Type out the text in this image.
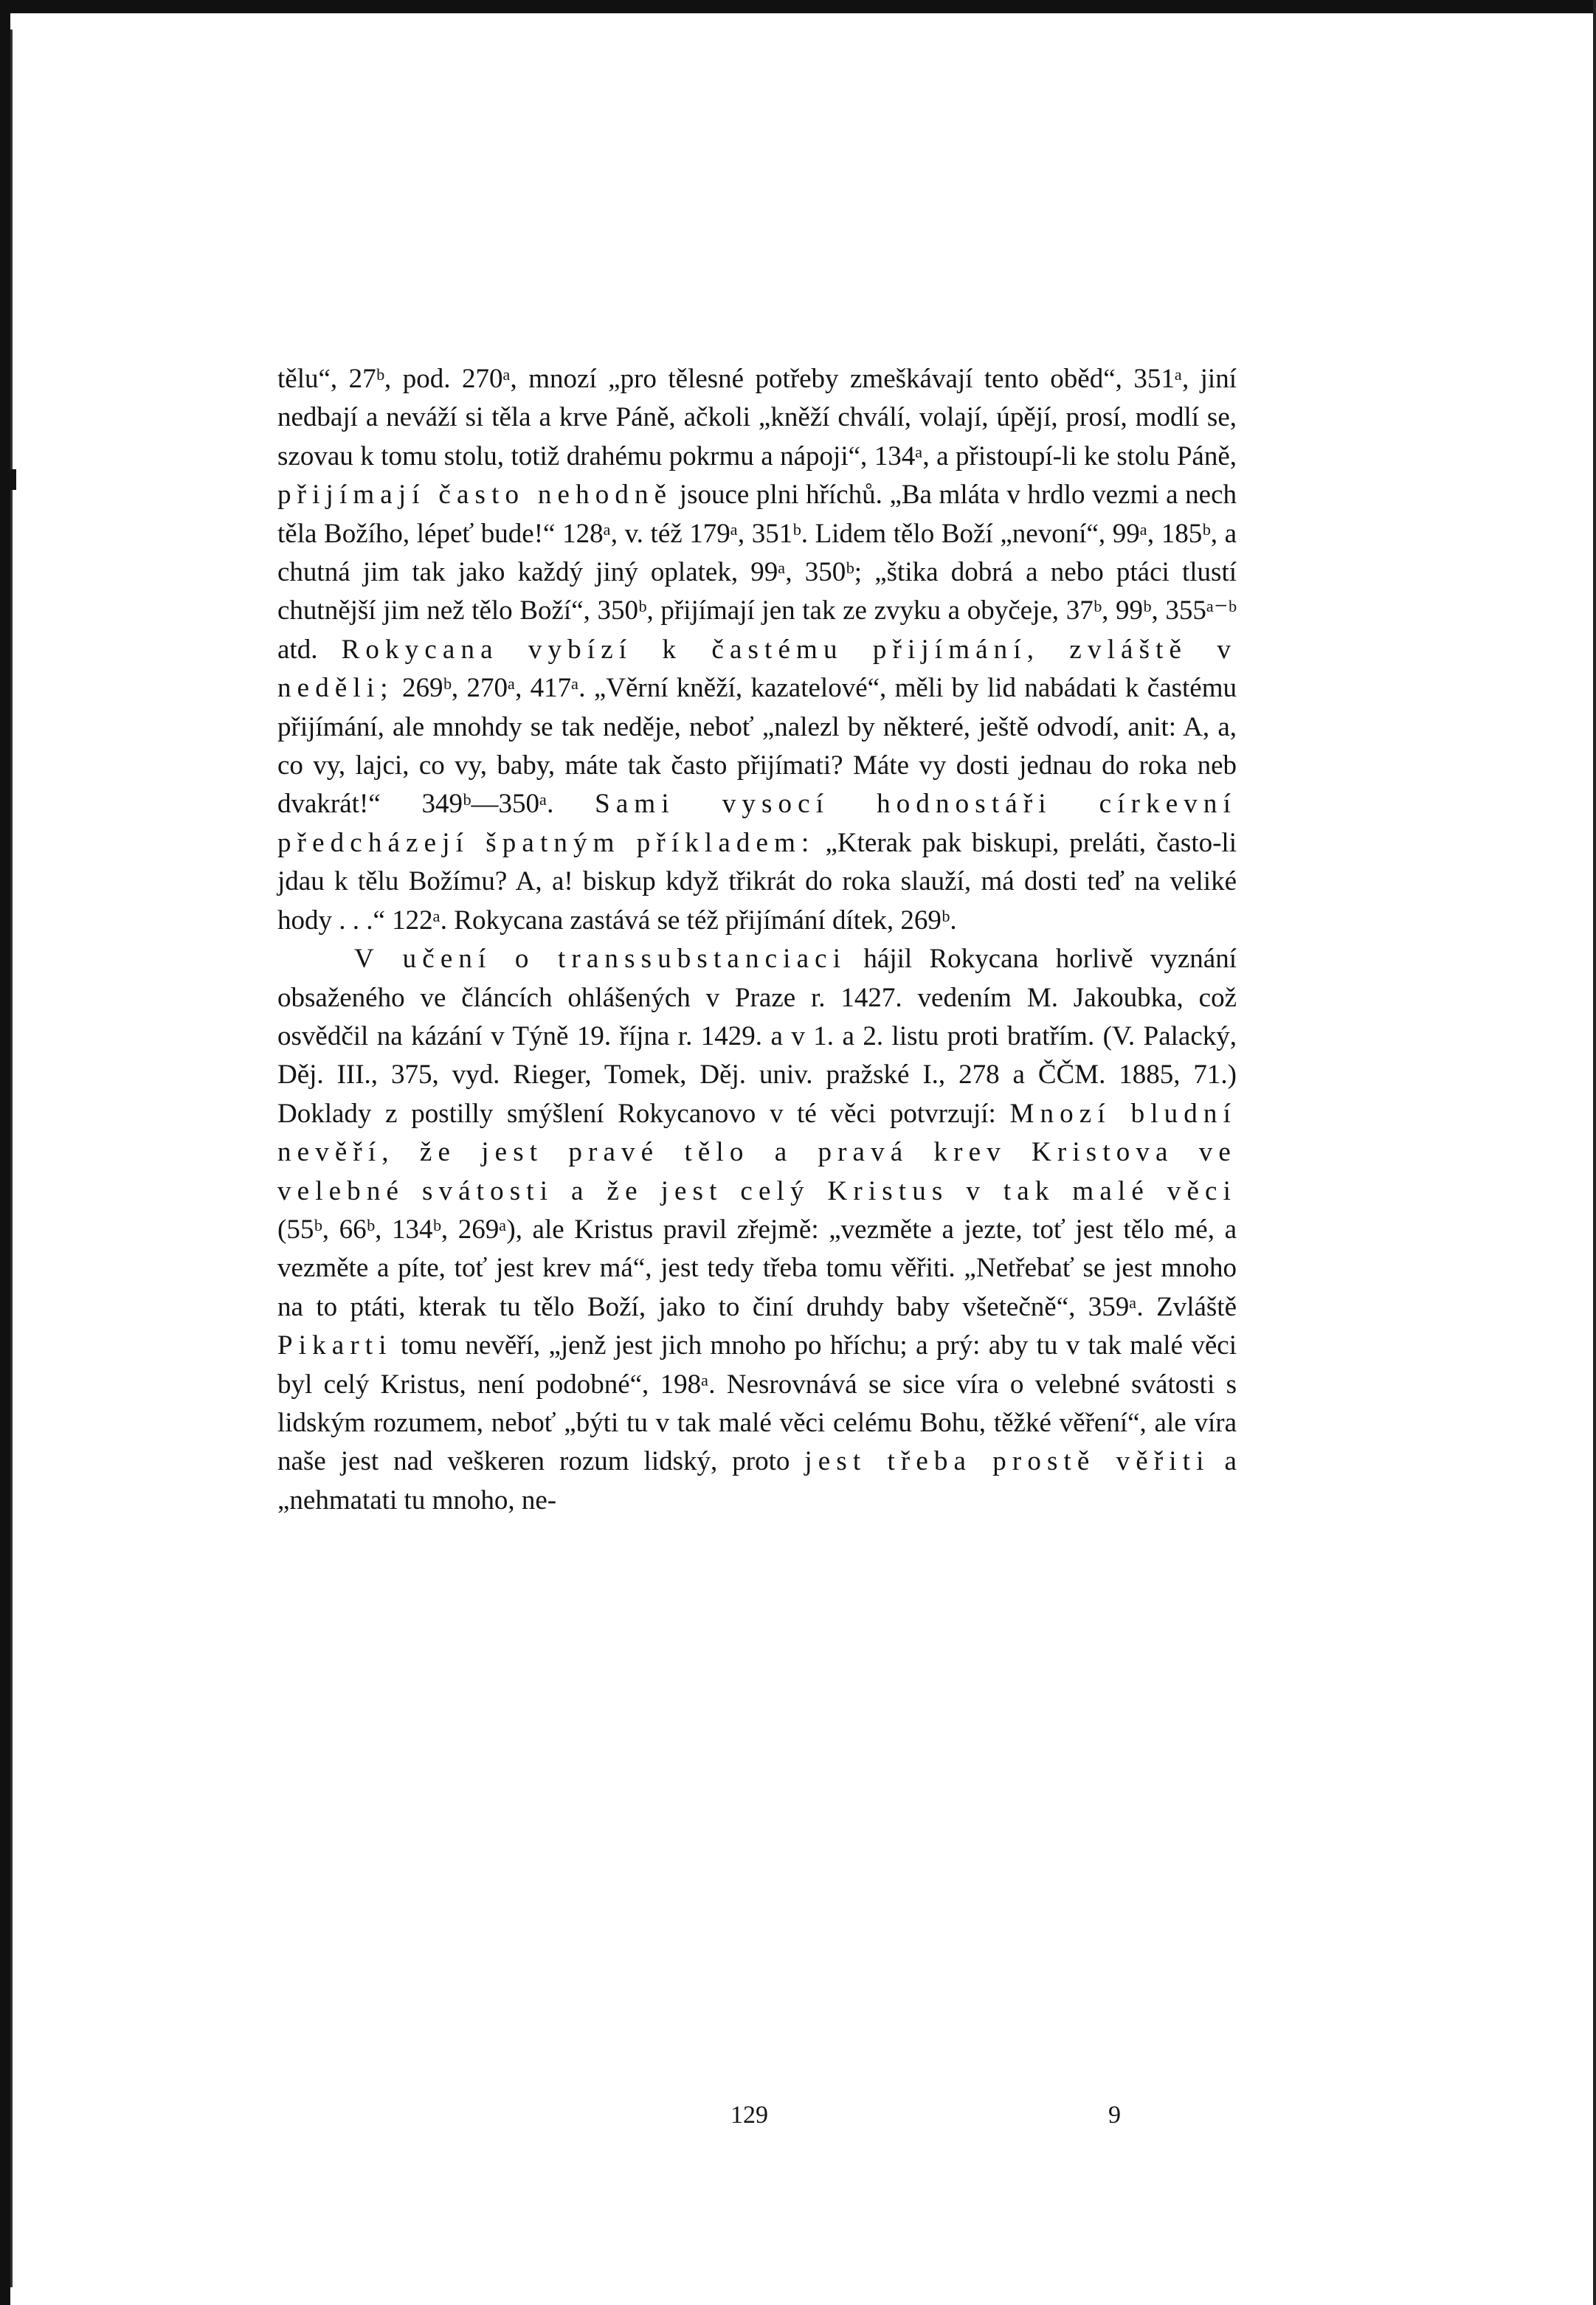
tělu“, 27ᵇ, pod. 270ᵃ, mnozí „pro tělesné potřeby zmeškávají tento oběd“, 351ᵃ, jiní nedbají a neváží si těla a krve Páně, ačkoli „kněží chválí, volají, úpějí, prosí, modlí se, szovau k tomu stolu, totiž drahému pokrmu a nápoji“, 134ᵃ, a přistoupí-li ke stolu Páně, přijímají často nehodně jsouce plni hříchů. „Ba mláta v hrdlo vezmi a nech těla Božího, lépeť bude!“ 128ᵃ, v. též 179ᵃ, 351ᵇ. Lidem tělo Boží „nevoní“, 99ᵃ, 185ᵇ, a chutná jim tak jako každý jiný oplatek, 99ᵃ, 350ᵇ; „štika dobrá a nebo ptáci tlustí chutnější jim než tělo Boží“, 350ᵇ, přijímají jen tak ze zvyku a obyčeje, 37ᵇ, 99ᵇ, 355ᵃ⁻ᵇ atd. Rokycana vybízí k častému přijímání, zvláště v neděli; 269ᵇ, 270ᵃ, 417ᵃ. „Věrní kněží, kazatelové“, měli by lid nabádati k častému přijímání, ale mnohdy se tak neděje, neboť „nalezl by některé, ještě odvodí, anit: A, a, co vy, lajci, co vy, baby, máte tak často přijímati? Máte vy dosti jednau do roka neb dvakrát!“ 349ᵇ—350ᵃ. Sami vysocí hodnostáři církevní předcházejí špatným příkladem: „Kterak pak biskupi, preláti, často-li jdau k tělu Božímu? A, a! biskup když třikrát do roka slauží, má dosti teď na veliké hody . . .“ 122ᵃ. Rokycana zastává se též přijímání dítek, 269ᵇ.

V učení o transsubstanciaci hájil Rokycana horlivě vyznání obsaženého ve článcích ohlášených v Praze r. 1427. vedením M. Jakoubka, což osvědčil na kázání v Týně 19. října r. 1429. a v 1. a 2. listu proti bratřím. (V. Palacký, Děj. III., 375, vyd. Rieger, Tomek, Děj. univ. pražské I., 278 a ČČM. 1885, 71.) Doklady z postilly smýšlení Rokycanovo v té věci potvrzují: Mnozí bludní nevěří, že jest pravé tělo a pravá krev Kristova ve velebné svátosti a že jest celý Kristus v tak malé věci (55ᵇ, 66ᵇ, 134ᵇ, 269ᵃ), ale Kristus pravil zřejmě: „vezměte a jezte, toť jest tělo mé, a vezměte a píte, toť jest krev má“, jest tedy třeba tomu věřiti. „Netřebať se jest mnoho na to ptáti, kterak tu tělo Boží, jako to činí druhdy baby všetečně“, 359ᵃ. Zvláště Pikarti tomu nevěří, „jenž jest jich mnoho po hříchu; a prý: aby tu v tak malé věci byl celý Kristus, není podobné“, 198ᵃ. Nesrovnává se sice víra o velebné svátosti s lidským rozumem, neboť „býti tu v tak malé věci celému Bohu, těžké věření“, ale víra naše jest nad veškeren rozum lidský, proto jest třeba prostě věřiti a „nehmatati tu mnoho, ne-

129	9
